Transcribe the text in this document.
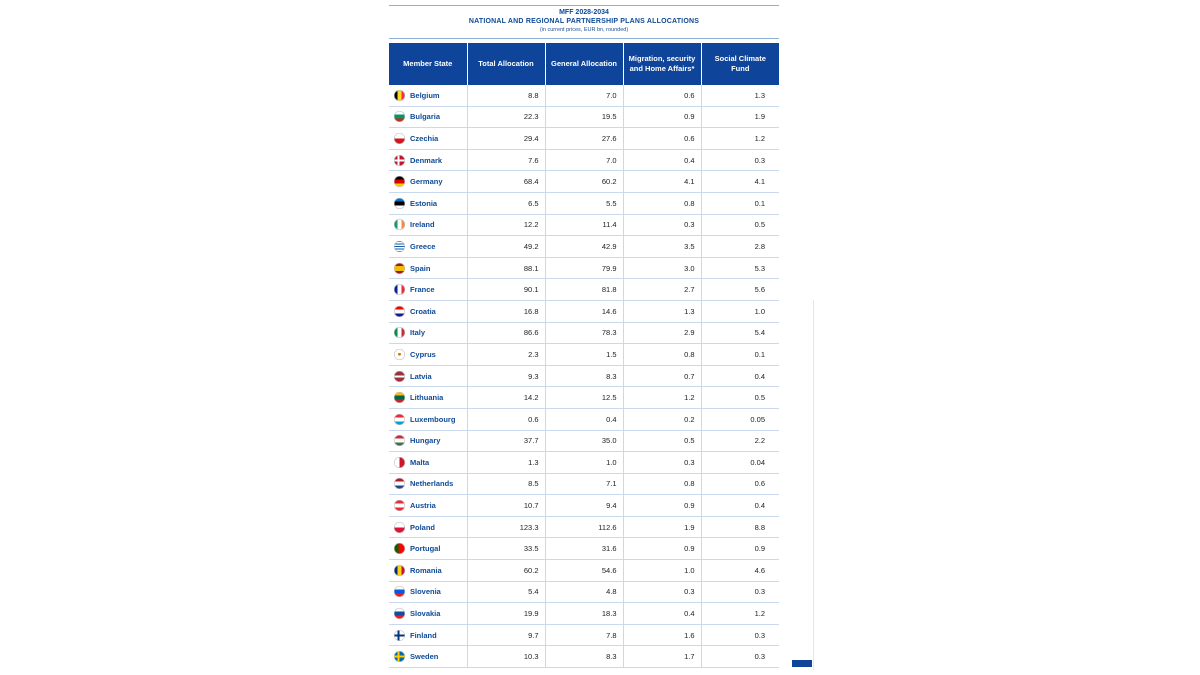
MFF 2028-2034
NATIONAL AND REGIONAL PARTNERSHIP PLANS ALLOCATIONS
(in current prices, EUR bn, rounded)
Member State	Total Allocation	General Allocation	Migration, security and Home Affairs*	Social Climate Fund
Belgium	8.8	7.0	0.6	1.3
Bulgaria	22.3	19.5	0.9	1.9
Czechia	29.4	27.6	0.6	1.2
Denmark	7.6	7.0	0.4	0.3
Germany	68.4	60.2	4.1	4.1
Estonia	6.5	5.5	0.8	0.1
Ireland	12.2	11.4	0.3	0.5
Greece	49.2	42.9	3.5	2.8
Spain	88.1	79.9	3.0	5.3
France	90.1	81.8	2.7	5.6
Croatia	16.8	14.6	1.3	1.0
Italy	86.6	78.3	2.9	5.4
Cyprus	2.3	1.5	0.8	0.1
Latvia	9.3	8.3	0.7	0.4
Lithuania	14.2	12.5	1.2	0.5
Luxembourg	0.6	0.4	0.2	0.05
Hungary	37.7	35.0	0.5	2.2
Malta	1.3	1.0	0.3	0.04
Netherlands	8.5	7.1	0.8	0.6
Austria	10.7	9.4	0.9	0.4
Poland	123.3	112.6	1.9	8.8
Portugal	33.5	31.6	0.9	0.9
Romania	60.2	54.6	1.0	4.6
Slovenia	5.4	4.8	0.3	0.3
Slovakia	19.9	18.3	0.4	1.2
Finland	9.7	7.8	1.6	0.3
Sweden	10.3	8.3	1.7	0.3
